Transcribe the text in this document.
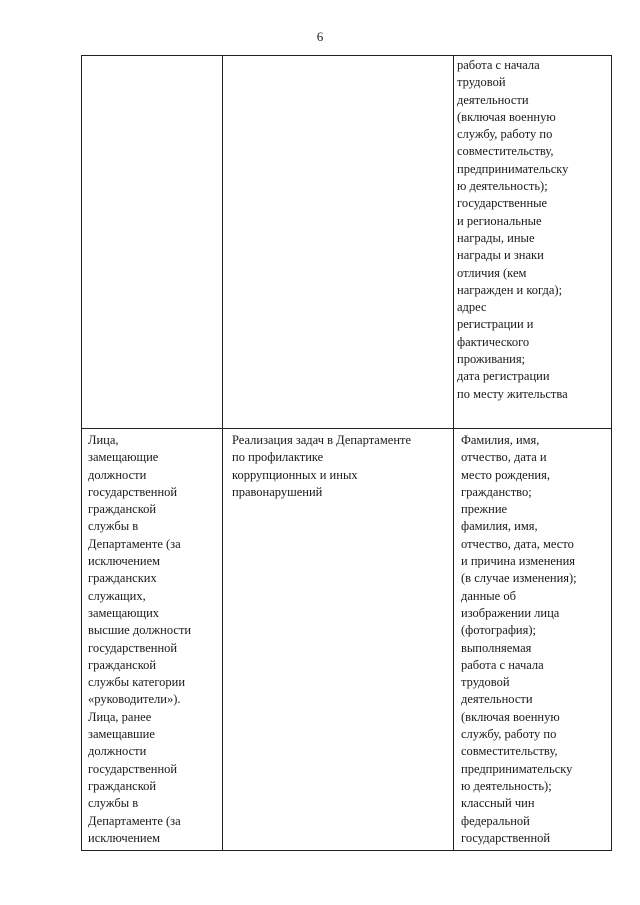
6
работа с начала
трудовой
деятельности
(включая военную
службу, работу по
совместительству,
предпринимательску
ю деятельность);
государственные
и региональные
награды, иные
награды и знаки
отличия (кем
награжден и когда);
адрес
регистрации и
фактического
проживания;
дата регистрации
по месту жительства
Лица,
замещающие
должности
государственной
гражданской
службы в
Департаменте (за
исключением
гражданских
служащих,
замещающих
высшие должности
государственной
гражданской
службы категории
«руководители»).
Лица, ранее
замещавшие
должности
государственной
гражданской
службы в
Департаменте (за
исключением
Реализация задач в Департаменте
по профилактике
коррупционных и иных
правонарушений
Фамилия, имя,
отчество, дата и
место рождения,
гражданство;
прежние
фамилия, имя,
отчество, дата, место
и причина изменения
(в случае изменения);
данные об
изображении лица
(фотография);
выполняемая
работа с начала
трудовой
деятельности
(включая военную
службу, работу по
совместительству,
предпринимательску
ю деятельность);
классный чин
федеральной
государственной
